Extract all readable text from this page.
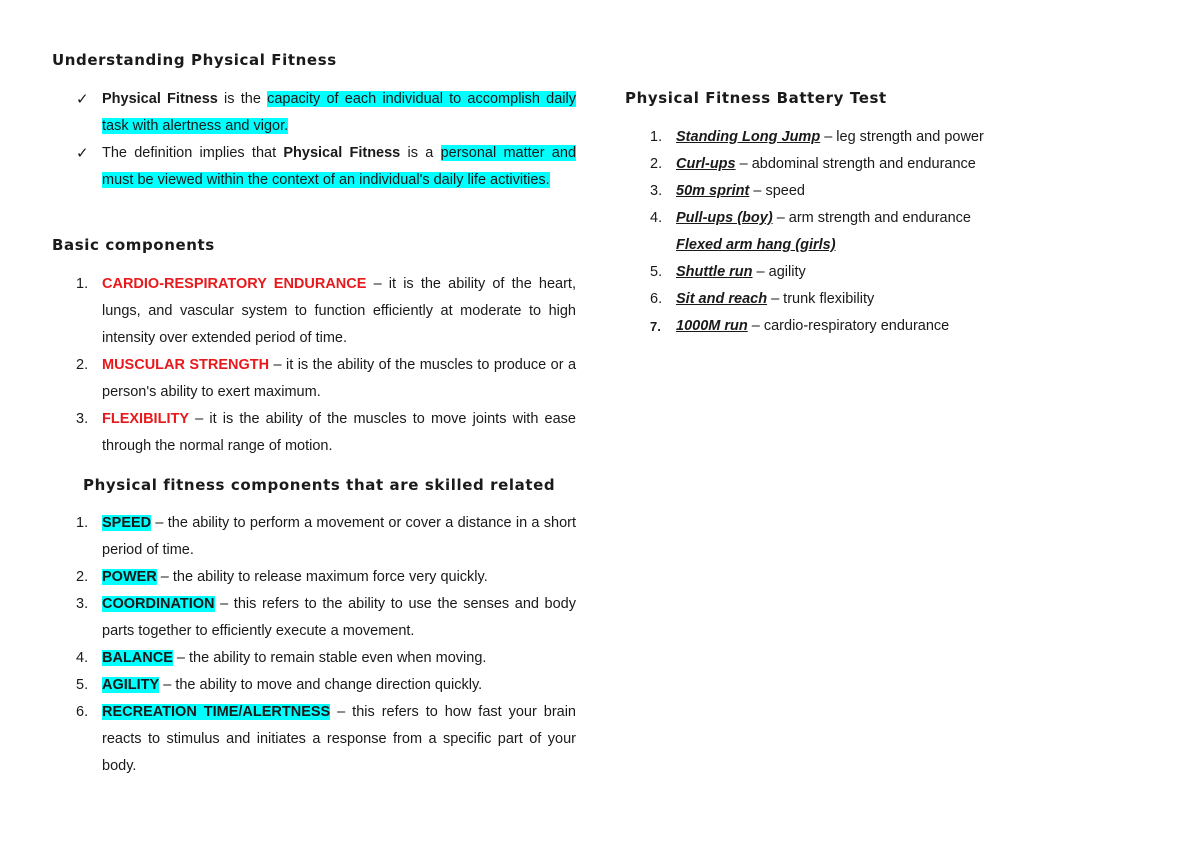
Understanding Physical Fitness
✓ Physical Fitness is the capacity of each individual to accomplish daily task with alertness and vigor.
✓ The definition implies that Physical Fitness is a personal matter and must be viewed within the context of an individual's daily life activities.
Basic components
1. CARDIO-RESPIRATORY ENDURANCE – it is the ability of the heart, lungs, and vascular system to function efficiently at moderate to high intensity over extended period of time.
2. MUSCULAR STRENGTH – it is the ability of the muscles to produce or a person's ability to exert maximum.
3. FLEXIBILITY – it is the ability of the muscles to move joints with ease through the normal range of motion.
Physical fitness components that are skilled related
1. SPEED – the ability to perform a movement or cover a distance in a short period of time.
2. POWER – the ability to release maximum force very quickly.
3. COORDINATION – this refers to the ability to use the senses and body parts together to efficiently execute a movement.
4. BALANCE – the ability to remain stable even when moving.
5. AGILITY – the ability to move and change direction quickly.
6. RECREATION TIME/ALERTNESS – this refers to how fast your brain reacts to stimulus and initiates a response from a specific part of your body.
Physical Fitness Battery Test
1. Standing Long Jump – leg strength and power
2. Curl-ups – abdominal strength and endurance
3. 50m sprint – speed
4. Pull-ups (boy) – arm strength and endurance
Flexed arm hang (girls)
5. Shuttle run – agility
6. Sit and reach – trunk flexibility
7. 1000M run – cardio-respiratory endurance
